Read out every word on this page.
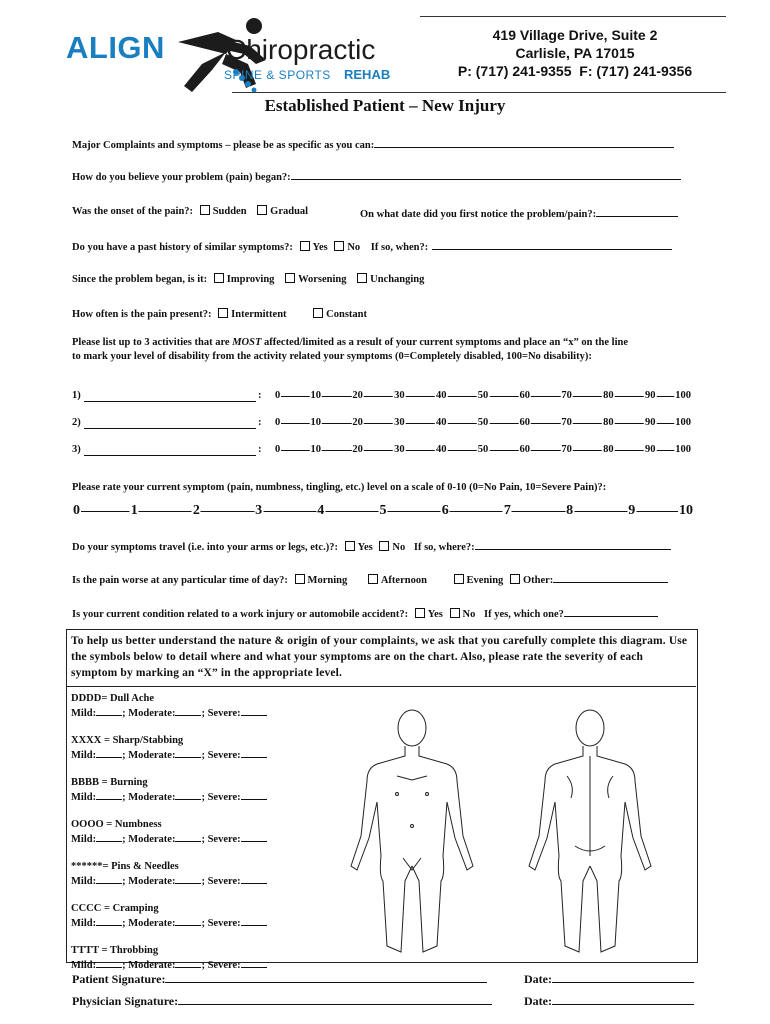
ALIGN Chiropractic
SPINE & SPORTS REHAB
419 Village Drive, Suite 2
Carlisle, PA 17015
P: (717) 241-9355  F: (717) 241-9356
Established Patient – New Injury
Major Complaints and symptoms – please be as specific as you can:
How do you believe your problem (pain) began?:
Was the onset of the pain?: Sudden Gradual	On what date did you first notice the problem/pain?:
Do you have a past history of similar symptoms?: Yes No If so, when?:
Since the problem began, is it: Improving Worsening Unchanging
How often is the pain present?: Intermittent	Constant
Please list up to 3 activities that are MOST affected/limited as a result of your current symptoms and place an “x” on the line
to mark your level of disability from the activity related your symptoms (0=Completely disabled, 100=No disability):
1)	: 0	10	20	30	40	50	60	70	80	90 100
2)	: 0	10	20	30	40	50	60	70	80	90 100
3)	: 0	10	20	30	40	50	60	70	80	90 100
Please rate your current symptom (pain, numbness, tingling, etc.) level on a scale of 0-10 (0=No Pain, 10=Severe Pain)?:
0	1	2	3	4	5	6	7	8	9	10
Do your symptoms travel (i.e. into your arms or legs, etc.)?: Yes No If so, where?:
Is the pain worse at any particular time of day?: Morning	Afternoon	Evening Other:
Is your current condition related to a work injury or automobile accident?: Yes No If yes, which one?
To help us better understand the nature & origin of your complaints, we ask that you carefully complete this diagram. Use the symbols below to detail where and what your symptoms are on the chart. Also, please rate the severity of each symptom by marking an “X” in the appropriate level.
DDDD= Dull Ache
Mild: ; Moderate: ; Severe:
XXXX = Sharp/Stabbing
Mild: ; Moderate: ; Severe:
BBBB = Burning
Mild: ; Moderate: ; Severe:
OOOO = Numbness
Mild: ; Moderate: ; Severe:
******= Pins & Needles
Mild: ; Moderate: ; Severe:
CCCC = Cramping
Mild: ; Moderate: ; Severe:
TTTT = Throbbing
Mild: ; Moderate: ; Severe:
Patient Signature:	Date:
Physician Signature:	Date:
